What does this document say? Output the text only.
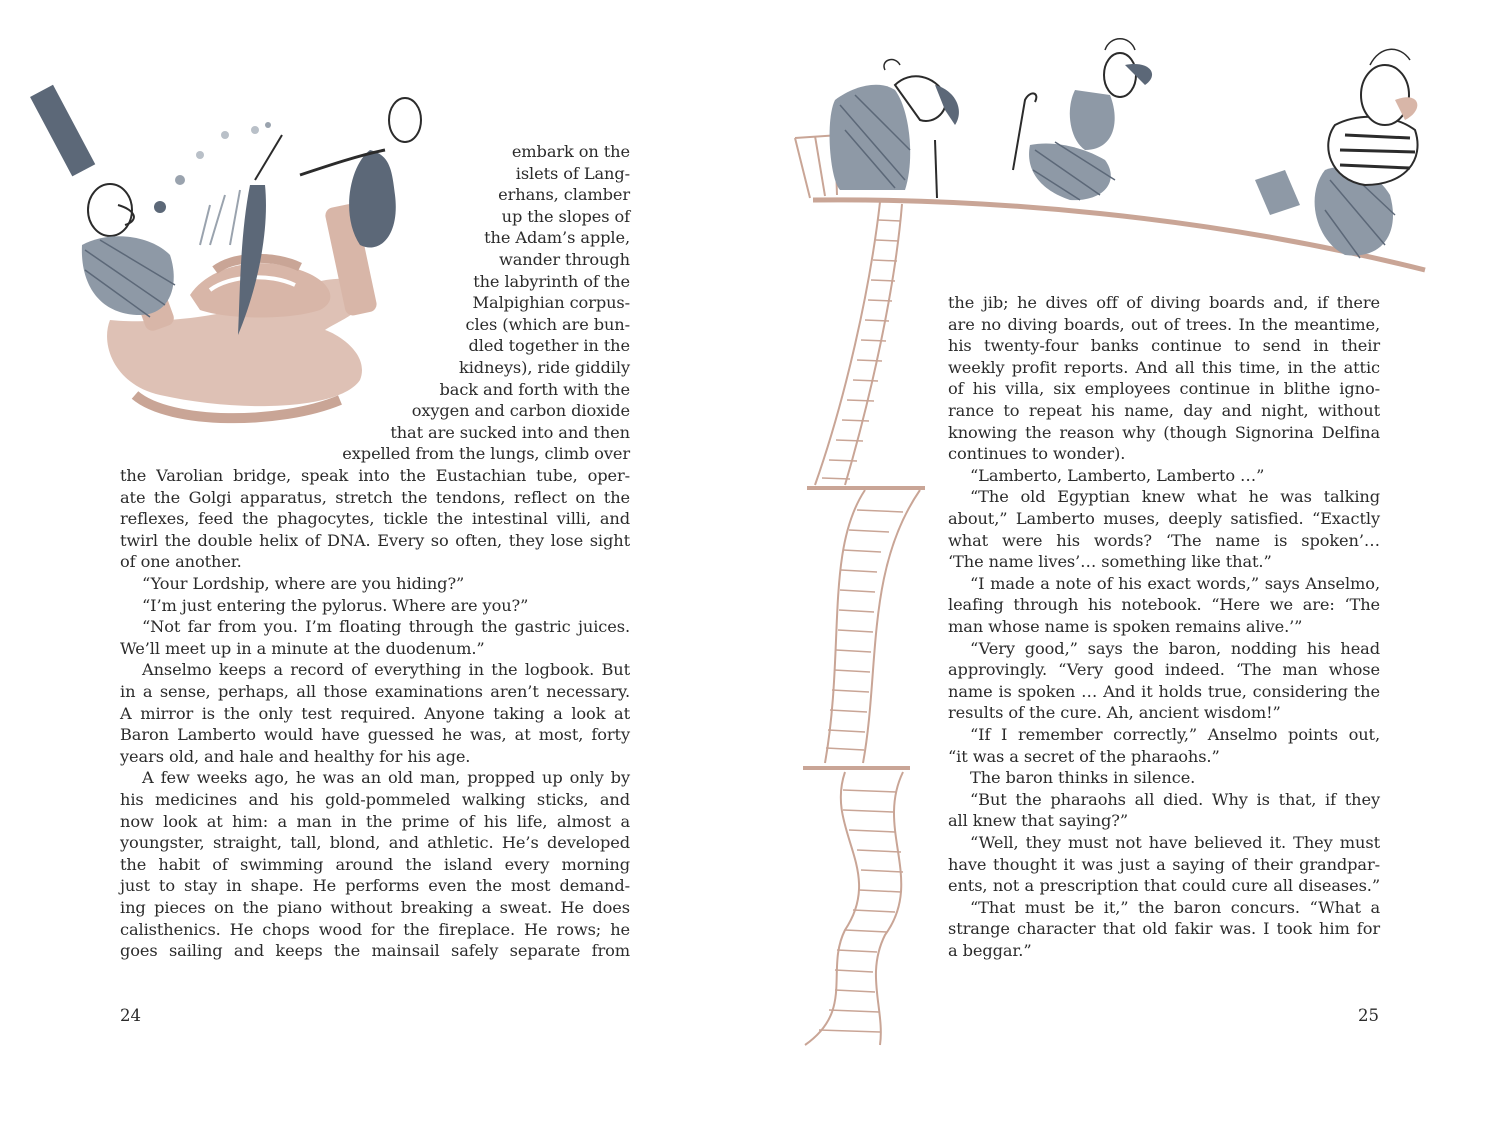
embark on the
islets of Lang-
erhans, clamber
up the slopes of
the Adam’s apple,
wander through
the labyrinth of the
Malpighian corpus-
cles (which are bun-
dled together in the
kidneys), ride giddily
back and forth with the
oxygen and carbon dioxide
that are sucked into and then
expelled from the lungs, climb over
the Varolian bridge, speak into the Eustachian tube, oper-
ate the Golgi apparatus, stretch the tendons, reflect on the
reflexes, feed the phagocytes, tickle the intestinal villi, and
twirl the double helix of DNA. Every so often, they lose sight
of one another.
“Your Lordship, where are you hiding?”
“I’m just entering the pylorus. Where are you?”
“Not far from you. I’m floating through the gastric juices.
We’ll meet up in a minute at the duodenum.”
Anselmo keeps a record of everything in the logbook. But
in a sense, perhaps, all those examinations aren’t necessary.
A mirror is the only test required. Anyone taking a look at
Baron Lamberto would have guessed he was, at most, forty
years old, and hale and healthy for his age.
A few weeks ago, he was an old man, propped up only by
his medicines and his gold-pommeled walking sticks, and
now look at him: a man in the prime of his life, almost a
youngster, straight, tall, blond, and athletic. He’s developed
the habit of swimming around the island every morning
just to stay in shape. He performs even the most demand-
ing pieces on the piano without breaking a sweat. He does
calisthenics. He chops wood for the fireplace. He rows; he
goes sailing and keeps the mainsail safely separate from
24
the jib; he dives off of diving boards and, if there
are no diving boards, out of trees. In the meantime,
his twenty-four banks continue to send in their
weekly profit reports. And all this time, in the attic
of his villa, six employees continue in blithe igno-
rance to repeat his name, day and night, without
knowing the reason why (though Signorina Delfina
continues to wonder).
“Lamberto, Lamberto, Lamberto …”
“The old Egyptian knew what he was talking
about,” Lamberto muses, deeply satisfied. “Exactly
what were his words? ‘The name is spoken’…
‘The name lives’… something like that.”
“I made a note of his exact words,” says Anselmo,
leafing through his notebook. “Here we are: ‘The
man whose name is spoken remains alive.’”
“Very good,” says the baron, nodding his head
approvingly. “Very good indeed. ‘The man whose
name is spoken … And it holds true, considering the
results of the cure. Ah, ancient wisdom!”
“If I remember correctly,” Anselmo points out,
“it was a secret of the pharaohs.”
The baron thinks in silence.
“But the pharaohs all died. Why is that, if they
all knew that saying?”
“Well, they must not have believed it. They must
have thought it was just a saying of their grandpar-
ents, not a prescription that could cure all diseases.”
“That must be it,” the baron concurs. “What a
strange character that old fakir was. I took him for
a beggar.”
25
